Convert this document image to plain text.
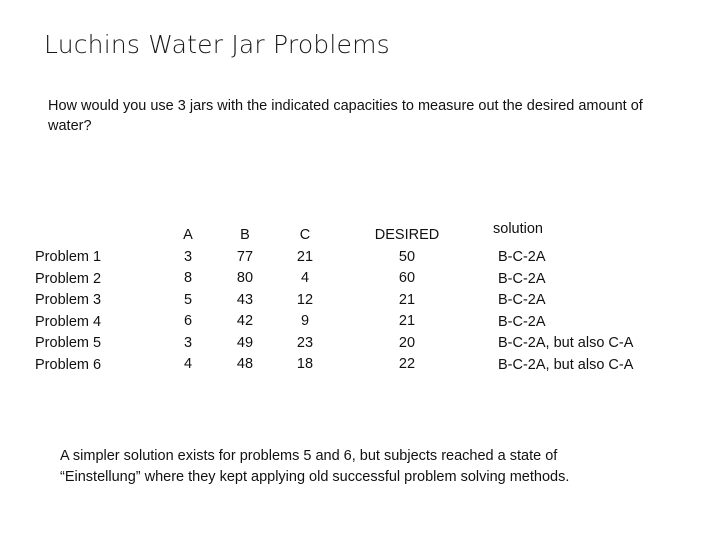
Luchins Water Jar Problems
How would you use 3 jars with the indicated capacities to measure out the desired amount of water?
Problem 1
Problem 2
Problem 3
Problem 4
Problem 5
Problem 6
A
3
8
5
6
3
4
B
77
80
43
42
49
48
C
21
4
12
9
23
18
DESIRED
50
60
21
21
20
22
solution
B-C-2A
B-C-2A
B-C-2A
B-C-2A
B-C-2A, but also C-A
B-C-2A, but also C-A
A simpler solution exists for problems 5 and 6, but subjects reached a state of “Einstellung” where they kept applying old successful problem solving methods.
